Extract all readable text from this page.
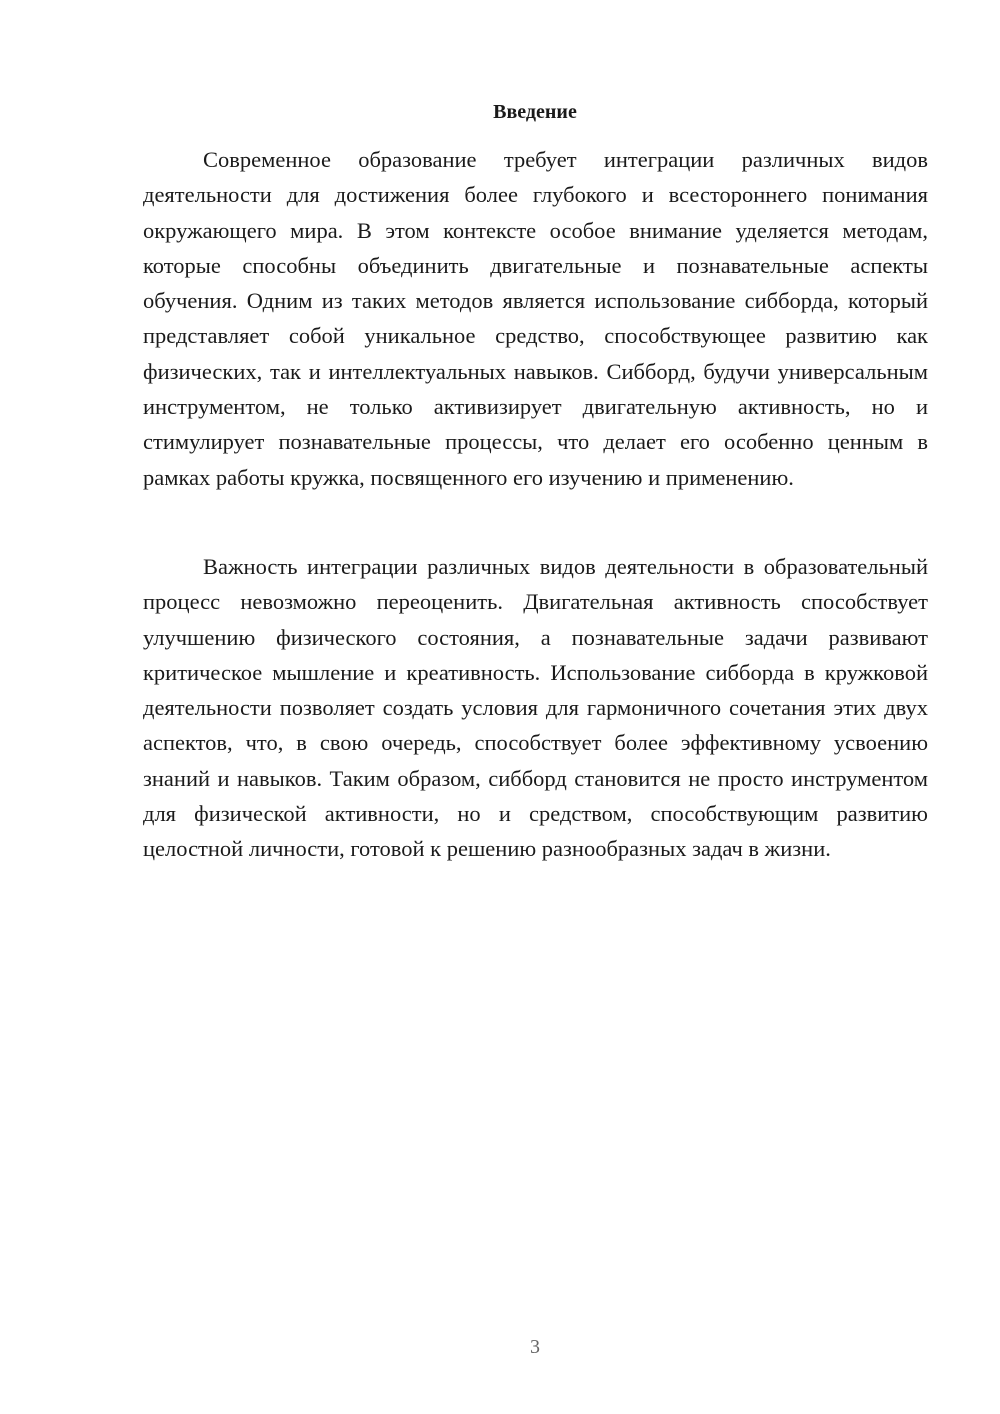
Введение

Современное образование требует интеграции различных видов деятельности для достижения более глубокого и всестороннего понимания окружающего мира. В этом контексте особое внимание уделяется методам, которые способны объединить двигательные и познавательные аспекты обучения. Одним из таких методов является использование сибборда, который представляет собой уникальное средство, способствующее развитию как физических, так и интеллектуальных навыков. Сибборд, будучи универсальным инструментом, не только активизирует двигательную активность, но и стимулирует познавательные процессы, что делает его особенно ценным в рамках работы кружка, посвященного его изучению и применению.

Важность интеграции различных видов деятельности в образовательный процесс невозможно переоценить. Двигательная активность способствует улучшению физического состояния, а познавательные задачи развивают критическое мышление и креативность. Использование сибборда в кружковой деятельности позволяет создать условия для гармоничного сочетания этих двух аспектов, что, в свою очередь, способствует более эффективному усвоению знаний и навыков. Таким образом, сибборд становится не просто инструментом для физической активности, но и средством, способствующим развитию целостной личности, готовой к решению разнообразных задач в жизни.

3
